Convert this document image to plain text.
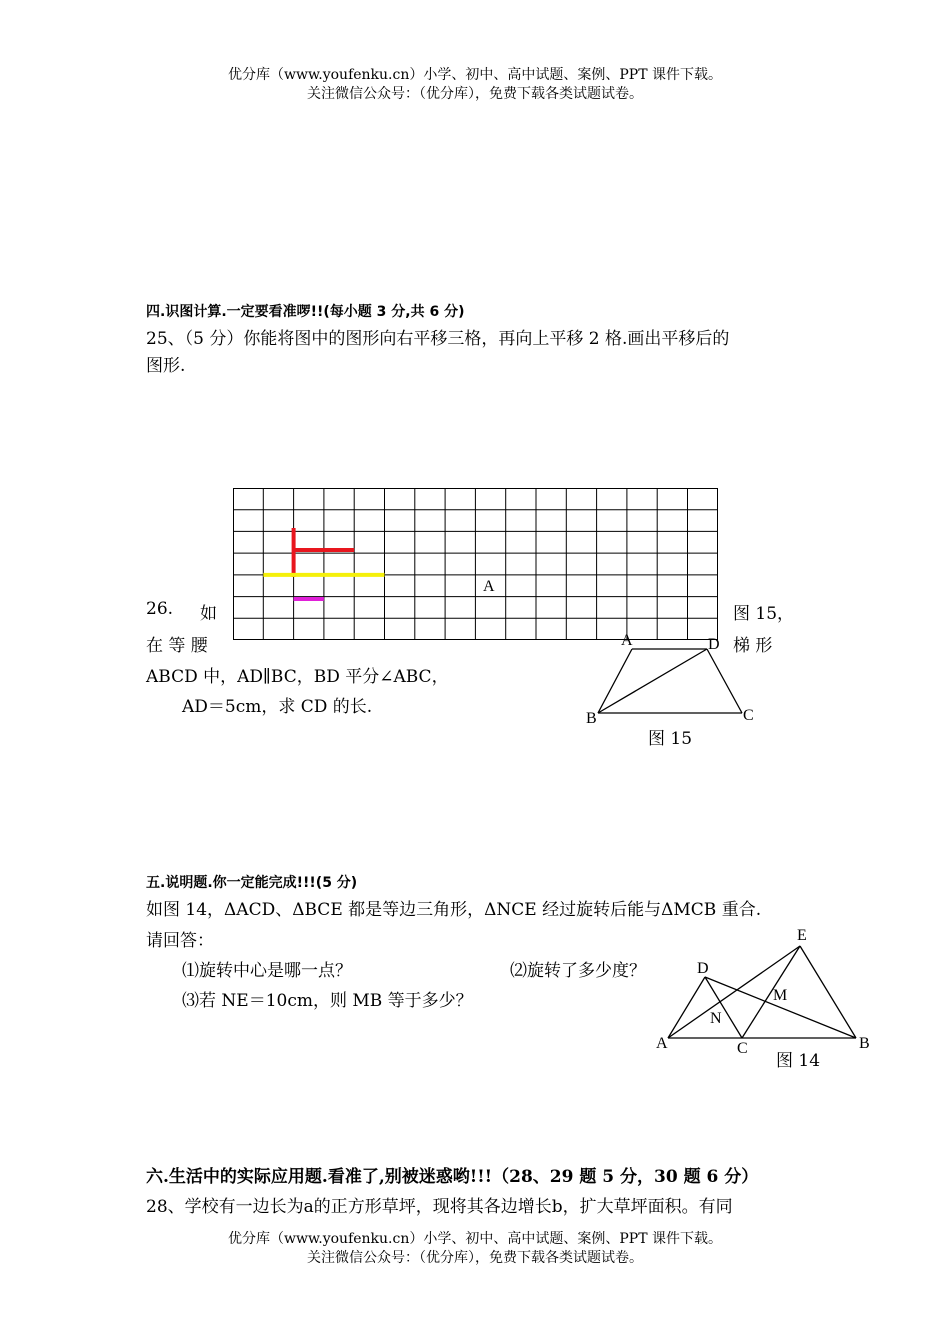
优分库（www.youfenku.cn）小学、初中、高中试题、案例、PPT 课件下载。
关注微信公众号：（优分库），免费下载各类试题试卷。
四.识图计算.一定要看准啰!!(每小题 3 分,共 6 分)
25、（5 分）你能将图中的图形向右平移三格，再向上平移 2 格.画出平移后的
图形.
A
26. 如	图 15，
在 等 腰	梯 形
ABCD 中，AD∥BC，BD 平分∠ABC，
AD＝5cm，求 CD 的长.
A	D
B	C
图 15
五.说明题.你一定能完成!!!(5 分)
如图 14，ΔACD、ΔBCE 都是等边三角形，ΔNCE 经过旋转后能与ΔMCB 重合.
请回答：
⑴旋转中心是哪一点？	⑵旋转了多少度？
⑶若 NE＝10cm，则 MB 等于多少？
E
D
M
N
A	C	B
图 14
六.生活中的实际应用题.看准了,别被迷惑哟!!!（28、29 题 5 分，30 题 6 分）
28、学校有一边长为a的正方形草坪，现将其各边增长b，扩大草坪面积。有同
优分库（www.youfenku.cn）小学、初中、高中试题、案例、PPT 课件下载。
关注微信公众号：（优分库），免费下载各类试题试卷。
